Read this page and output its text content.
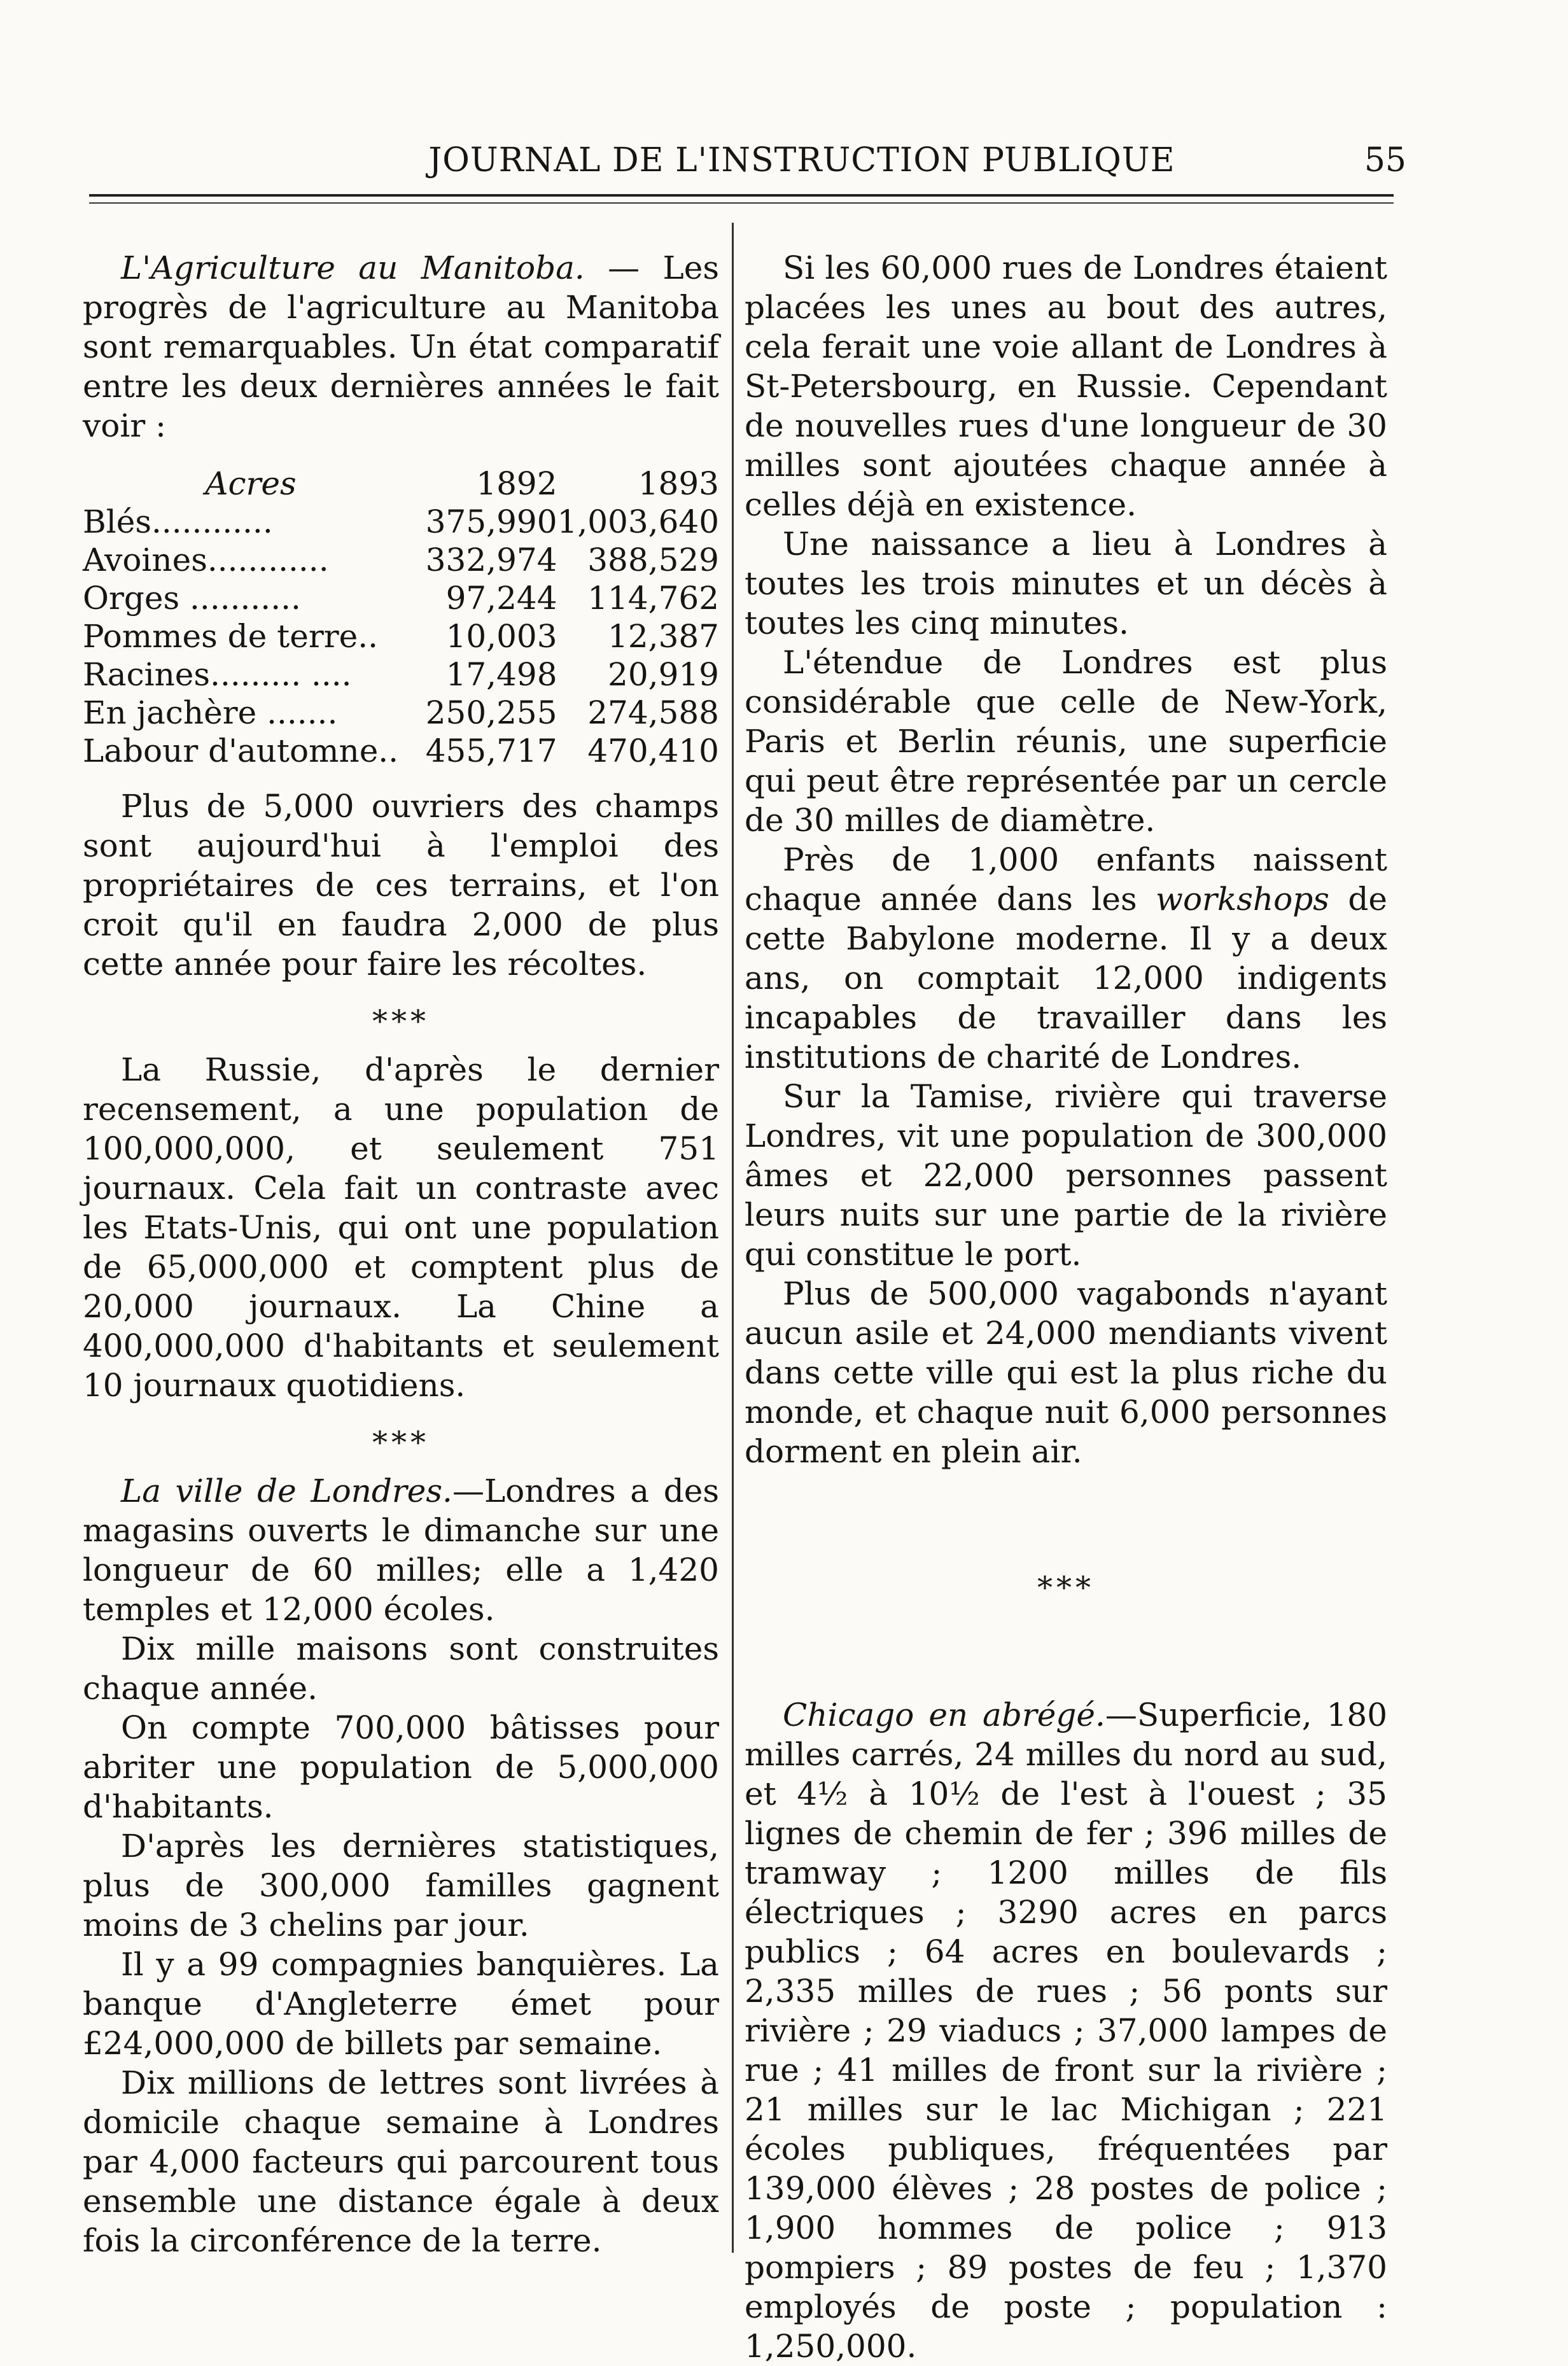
JOURNAL DE L'INSTRUCTION PUBLIQUE	55

L'Agriculture au Manitoba. — Les progrès de l'agriculture au Manitoba sont remarquables. Un état comparatif entre les deux dernières années le fait voir :

Acres	1892	1893
Blés............	375,990	1,003,640
Avoines............	332,974	388,529
Orges ...........	97,244	114,762
Pommes de terre..	10,003	12,387
Racines......... ....	17,498	20,919
En jachère .......	250,255	274,588
Labour d'automne..	455,717	470,410

Plus de 5,000 ouvriers des champs sont aujourd'hui à l'emploi des propriétaires de ces terrains, et l'on croit qu'il en faudra 2,000 de plus cette année pour faire les récoltes.

***

La Russie, d'après le dernier recensement, a une population de 100,000,000, et seulement 751 journaux. Cela fait un contraste avec les Etats-Unis, qui ont une population de 65,000,000 et comptent plus de 20,000 journaux. La Chine a 400,000,000 d'habitants et seulement 10 journaux quotidiens.

***

La ville de Londres.—Londres a des magasins ouverts le dimanche sur une longueur de 60 milles; elle a 1,420 temples et 12,000 écoles.

Dix mille maisons sont construites chaque année.

On compte 700,000 bâtisses pour abriter une population de 5,000,000 d'habitants.

D'après les dernières statistiques, plus de 300,000 familles gagnent moins de 3 chelins par jour.

Il y a 99 compagnies banquières. La banque d'Angleterre émet pour £24,000,000 de billets par semaine.

Dix millions de lettres sont livrées à domicile chaque semaine à Londres par 4,000 facteurs qui parcourent tous ensemble une distance égale à deux fois la circonférence de la terre.

Si les 60,000 rues de Londres étaient placées les unes au bout des autres, cela ferait une voie allant de Londres à St-Petersbourg, en Russie. Cependant de nouvelles rues d'une longueur de 30 milles sont ajoutées chaque année à celles déjà en existence.

Une naissance a lieu à Londres à toutes les trois minutes et un décès à toutes les cinq minutes.

L'étendue de Londres est plus considérable que celle de New-York, Paris et Berlin réunis, une superficie qui peut être représentée par un cercle de 30 milles de diamètre.

Près de 1,000 enfants naissent chaque année dans les workshops de cette Babylone moderne. Il y a deux ans, on comptait 12,000 indigents incapables de travailler dans les institutions de charité de Londres.

Sur la Tamise, rivière qui traverse Londres, vit une population de 300,000 âmes et 22,000 personnes passent leurs nuits sur une partie de la rivière qui constitue le port.

Plus de 500,000 vagabonds n'ayant aucun asile et 24,000 mendiants vivent dans cette ville qui est la plus riche du monde, et chaque nuit 6,000 personnes dorment en plein air.

***

Chicago en abrégé.—Superficie, 180 milles carrés, 24 milles du nord au sud, et 4½ à 10½ de l'est à l'ouest ; 35 lignes de chemin de fer ; 396 milles de tramway ; 1200 milles de fils électriques ; 3290 acres en parcs publics ; 64 acres en boulevards ; 2,335 milles de rues ; 56 ponts sur rivière ; 29 viaducs ; 37,000 lampes de rue ; 41 milles de front sur la rivière ; 21 milles sur le lac Michigan ; 221 écoles publiques, fréquentées par 139,000 élèves ; 28 postes de police ; 1,900 hommes de police ; 913 pompiers ; 89 postes de feu ; 1,370 employés de poste ; population : 1,250,000.
